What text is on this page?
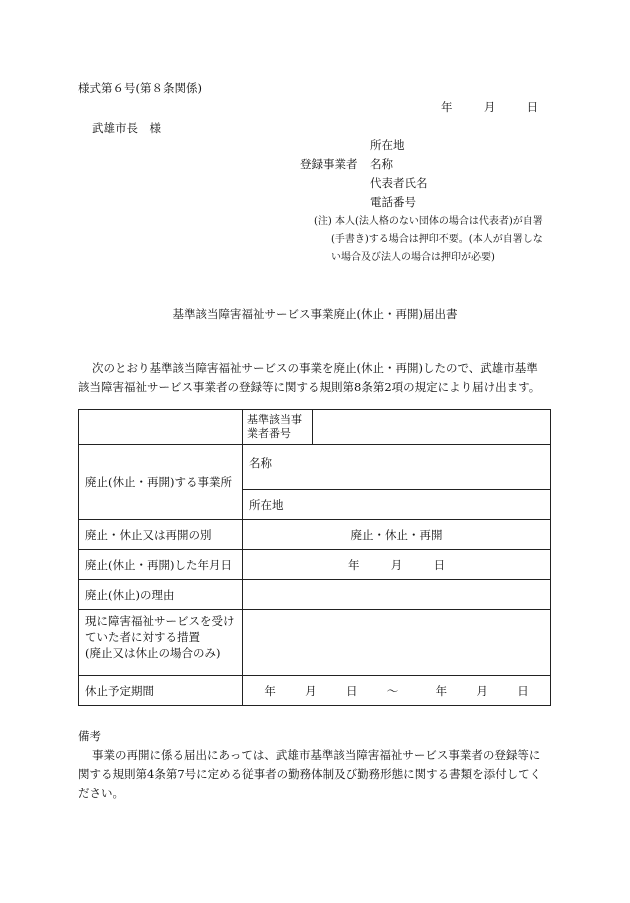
様式第６号(第８条関係)
年	月	日
武雄市長　様
所在地
登録事業者 名称
代表者氏名
電話番号
(注) 本人(法人格のない団体の場合は代表者)が自署
(手書き)する場合は押印不要。(本人が自署しな
い場合及び法人の場合は押印が必要)
基準該当障害福祉サービス事業廃止(休止・再開)届出書
次のとおり基準該当障害福祉サービスの事業を廃止(休止・再開)したので、武雄市基準
該当障害福祉サービス事業者の登録等に関する規則第8条第2項の規定により届け出ます。

	基準該当事
業者番号	

廃止(休止・再開)する事業所	名称	
	所在地	
廃止・休止又は再開の別	廃止・休止・再開	
廃止(休止・再開)した年月日	年 月 日	
廃止(休止)の理由		

現に障害福祉サービスを受け
ていた者に対する措置
(廃止又は休止の場合のみ)		

休止予定期間	年 月 日 ～ 年 月 日	
備考
事業の再開に係る届出にあっては、武雄市基準該当障害福祉サービス事業者の登録等に
関する規則第4条第7号に定める従事者の勤務体制及び勤務形態に関する書類を添付してく
ださい。
